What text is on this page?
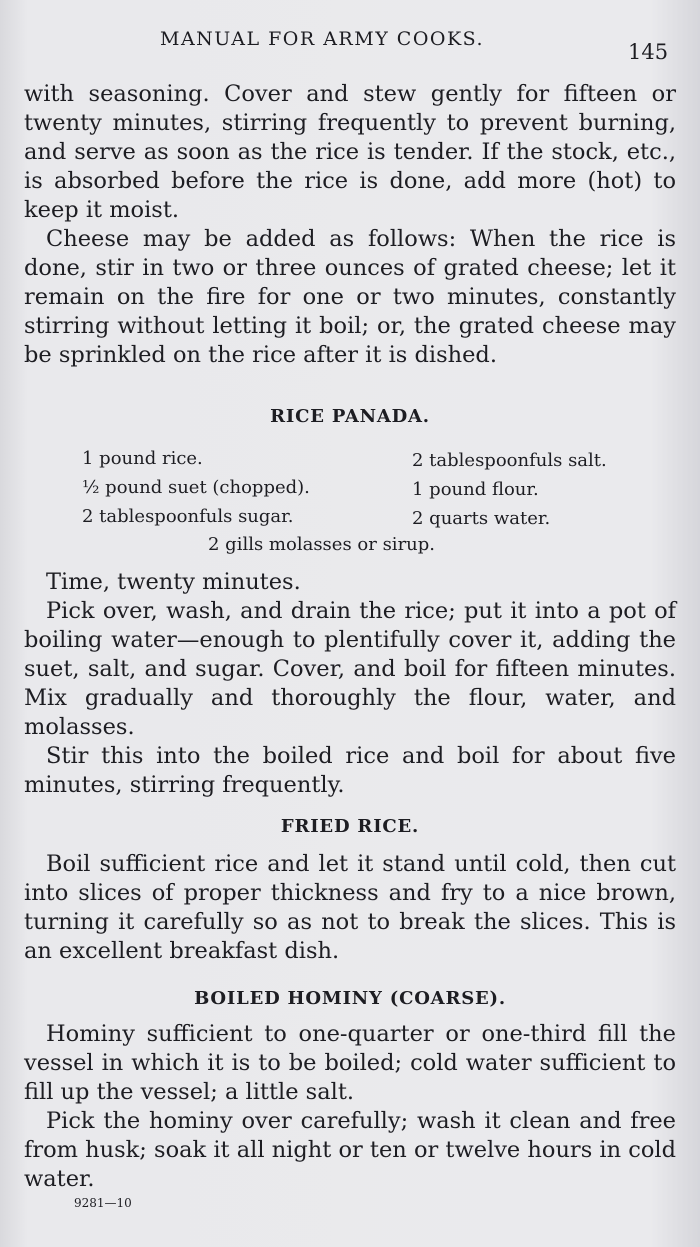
MANUAL FOR ARMY COOKS.
145

with seasoning. Cover and stew gently for fifteen or twenty minutes, stirring frequently to prevent burning, and serve as soon as the rice is tender. If the stock, etc., is absorbed before the rice is done, add more (hot) to keep it moist.

Cheese may be added as follows: When the rice is done, stir in two or three ounces of grated cheese; let it remain on the fire for one or two minutes, constantly stirring without letting it boil; or, the grated cheese may be sprinkled on the rice after it is dished.

RICE PANADA.
1 pound rice.
½ pound suet (chopped).
2 tablespoonfuls sugar.
2 tablespoonfuls salt.
1 pound flour.
2 quarts water.
2 gills molasses or sirup.

Time, twenty minutes.

Pick over, wash, and drain the rice; put it into a pot of boiling water—enough to plentifully cover it, adding the suet, salt, and sugar. Cover, and boil for fifteen minutes. Mix gradually and thoroughly the flour, water, and molasses.

Stir this into the boiled rice and boil for about five minutes, stirring frequently.

FRIED RICE.

Boil sufficient rice and let it stand until cold, then cut into slices of proper thickness and fry to a nice brown, turning it carefully so as not to break the slices. This is an excellent breakfast dish.

BOILED HOMINY (COARSE).

Hominy sufficient to one-quarter or one-third fill the vessel in which it is to be boiled; cold water sufficient to fill up the vessel; a little salt.

Pick the hominy over carefully; wash it clean and free from husk; soak it all night or ten or twelve hours in cold water.

9281—10
